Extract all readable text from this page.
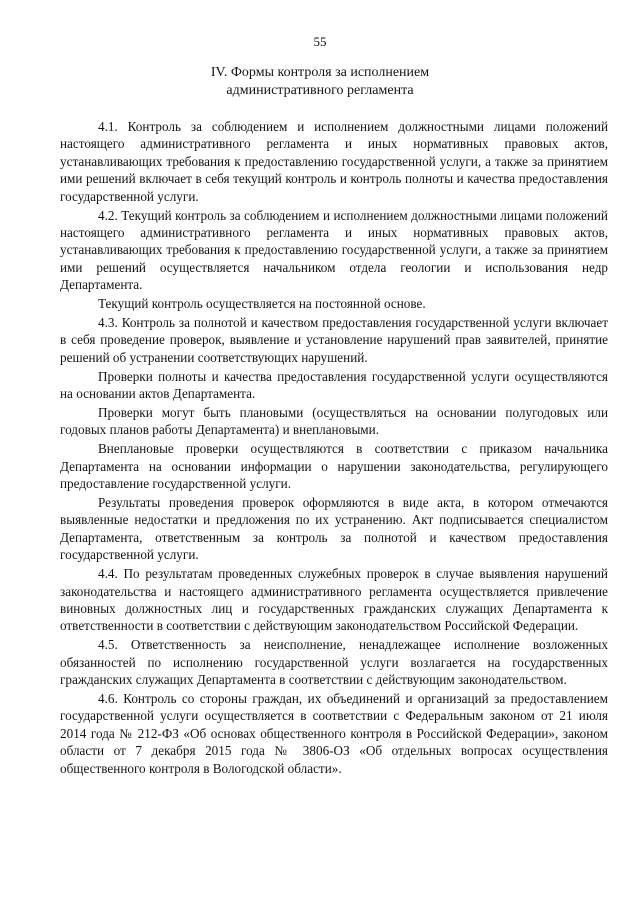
55
IV. Формы контроля за исполнением
административного регламента

4.1. Контроль за соблюдением и исполнением должностными лицами положений настоящего административного регламента и иных нормативных правовых актов, устанавливающих требования к предоставлению государственной услуги, а также за принятием ими решений включает в себя текущий контроль и контроль полноты и качества предоставления государственной услуги.

4.2. Текущий контроль за соблюдением и исполнением должностными лицами положений настоящего административного регламента и иных нормативных правовых актов, устанавливающих требования к предоставлению государственной услуги, а также за принятием ими решений осуществляется начальником отдела геологии и использования недр Департамента.

Текущий контроль осуществляется на постоянной основе.

4.3. Контроль за полнотой и качеством предоставления государственной услуги включает в себя проведение проверок, выявление и установление нарушений прав заявителей, принятие решений об устранении соответствующих нарушений.

Проверки полноты и качества предоставления государственной услуги осуществляются на основании актов Департамента.

Проверки могут быть плановыми (осуществляться на основании полугодовых или годовых планов работы Департамента) и внеплановыми.

Внеплановые проверки осуществляются в соответствии с приказом начальника Департамента на основании информации о нарушении законодательства, регулирующего предоставление государственной услуги.

Результаты проведения проверок оформляются в виде акта, в котором отмечаются выявленные недостатки и предложения по их устранению. Акт подписывается специалистом Департамента, ответственным за контроль за полнотой и качеством предоставления государственной услуги.

4.4. По результатам проведенных служебных проверок в случае выявления нарушений законодательства и настоящего административного регламента осуществляется привлечение виновных должностных лиц и государственных гражданских служащих Департамента к ответственности в соответствии с действующим законодательством Российской Федерации.

4.5. Ответственность за неисполнение, ненадлежащее исполнение возложенных обязанностей по исполнению государственной услуги возлагается на государственных гражданских служащих Департамента в соответствии с действующим законодательством.

4.6. Контроль со стороны граждан, их объединений и организаций за предоставлением государственной услуги осуществляется в соответствии с Федеральным законом от 21 июля 2014 года № 212-ФЗ «Об основах общественного контроля в Российской Федерации», законом области от 7 декабря 2015 года № 3806-ОЗ «Об отдельных вопросах осуществления общественного контроля в Вологодской области».
